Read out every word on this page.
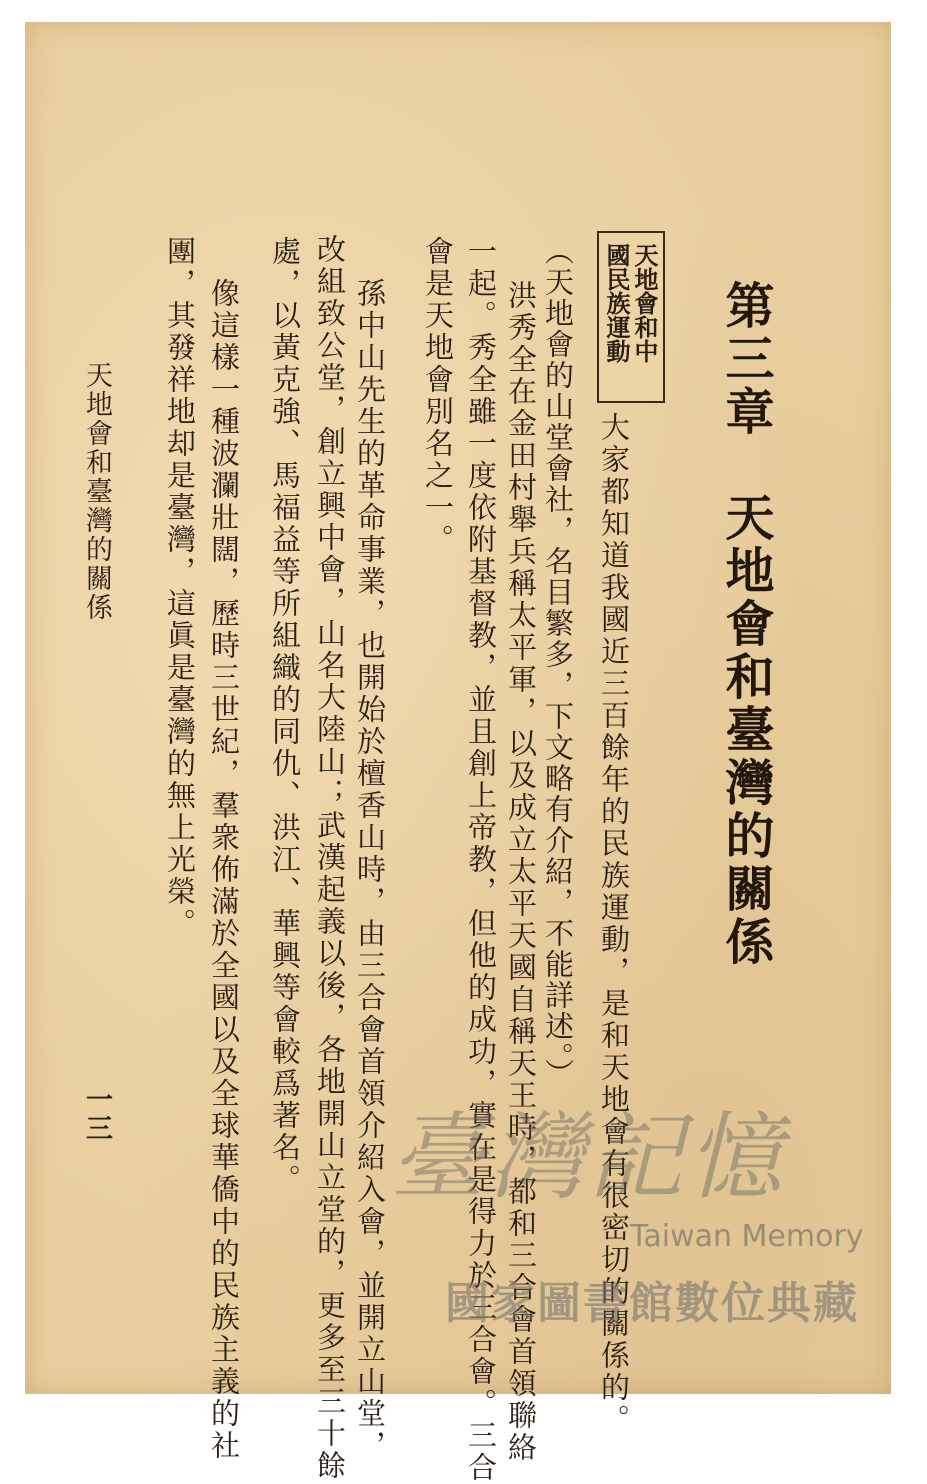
第三章　天地會和臺灣的關係
天地會和中
國民族運動
大家都知道我國近三百餘年的民族運動，是和天地會有很密切的關係的。
（天地會的山堂會社，名目繁多，下文略有介紹，不能詳述。）
洪秀全在金田村舉兵稱太平軍，以及成立太平天國自稱天王時，都和三合會首領聯絡
一起。秀全雖一度依附基督教，並且創上帝教，但他的成功，實在是得力於三合會。三合
會是天地會別名之一。
孫中山先生的革命事業，也開始於檀香山時，由三合會首領介紹入會，並開立山堂，
改組致公堂，創立興中會，山名大陸山；武漢起義以後，各地開山立堂的，更多至三十餘
處，以黃克強、馬福益等所組織的同仇、洪江、華興等會較爲著名。
像這樣一種波瀾壯闊，歷時三世紀，羣衆佈滿於全國以及全球華僑中的民族主義的社
團，其發祥地却是臺灣，這眞是臺灣的無上光榮。
天地會和臺灣的關係
一三	臺灣記憶
Taiwan Memory
國家圖書館數位典藏
